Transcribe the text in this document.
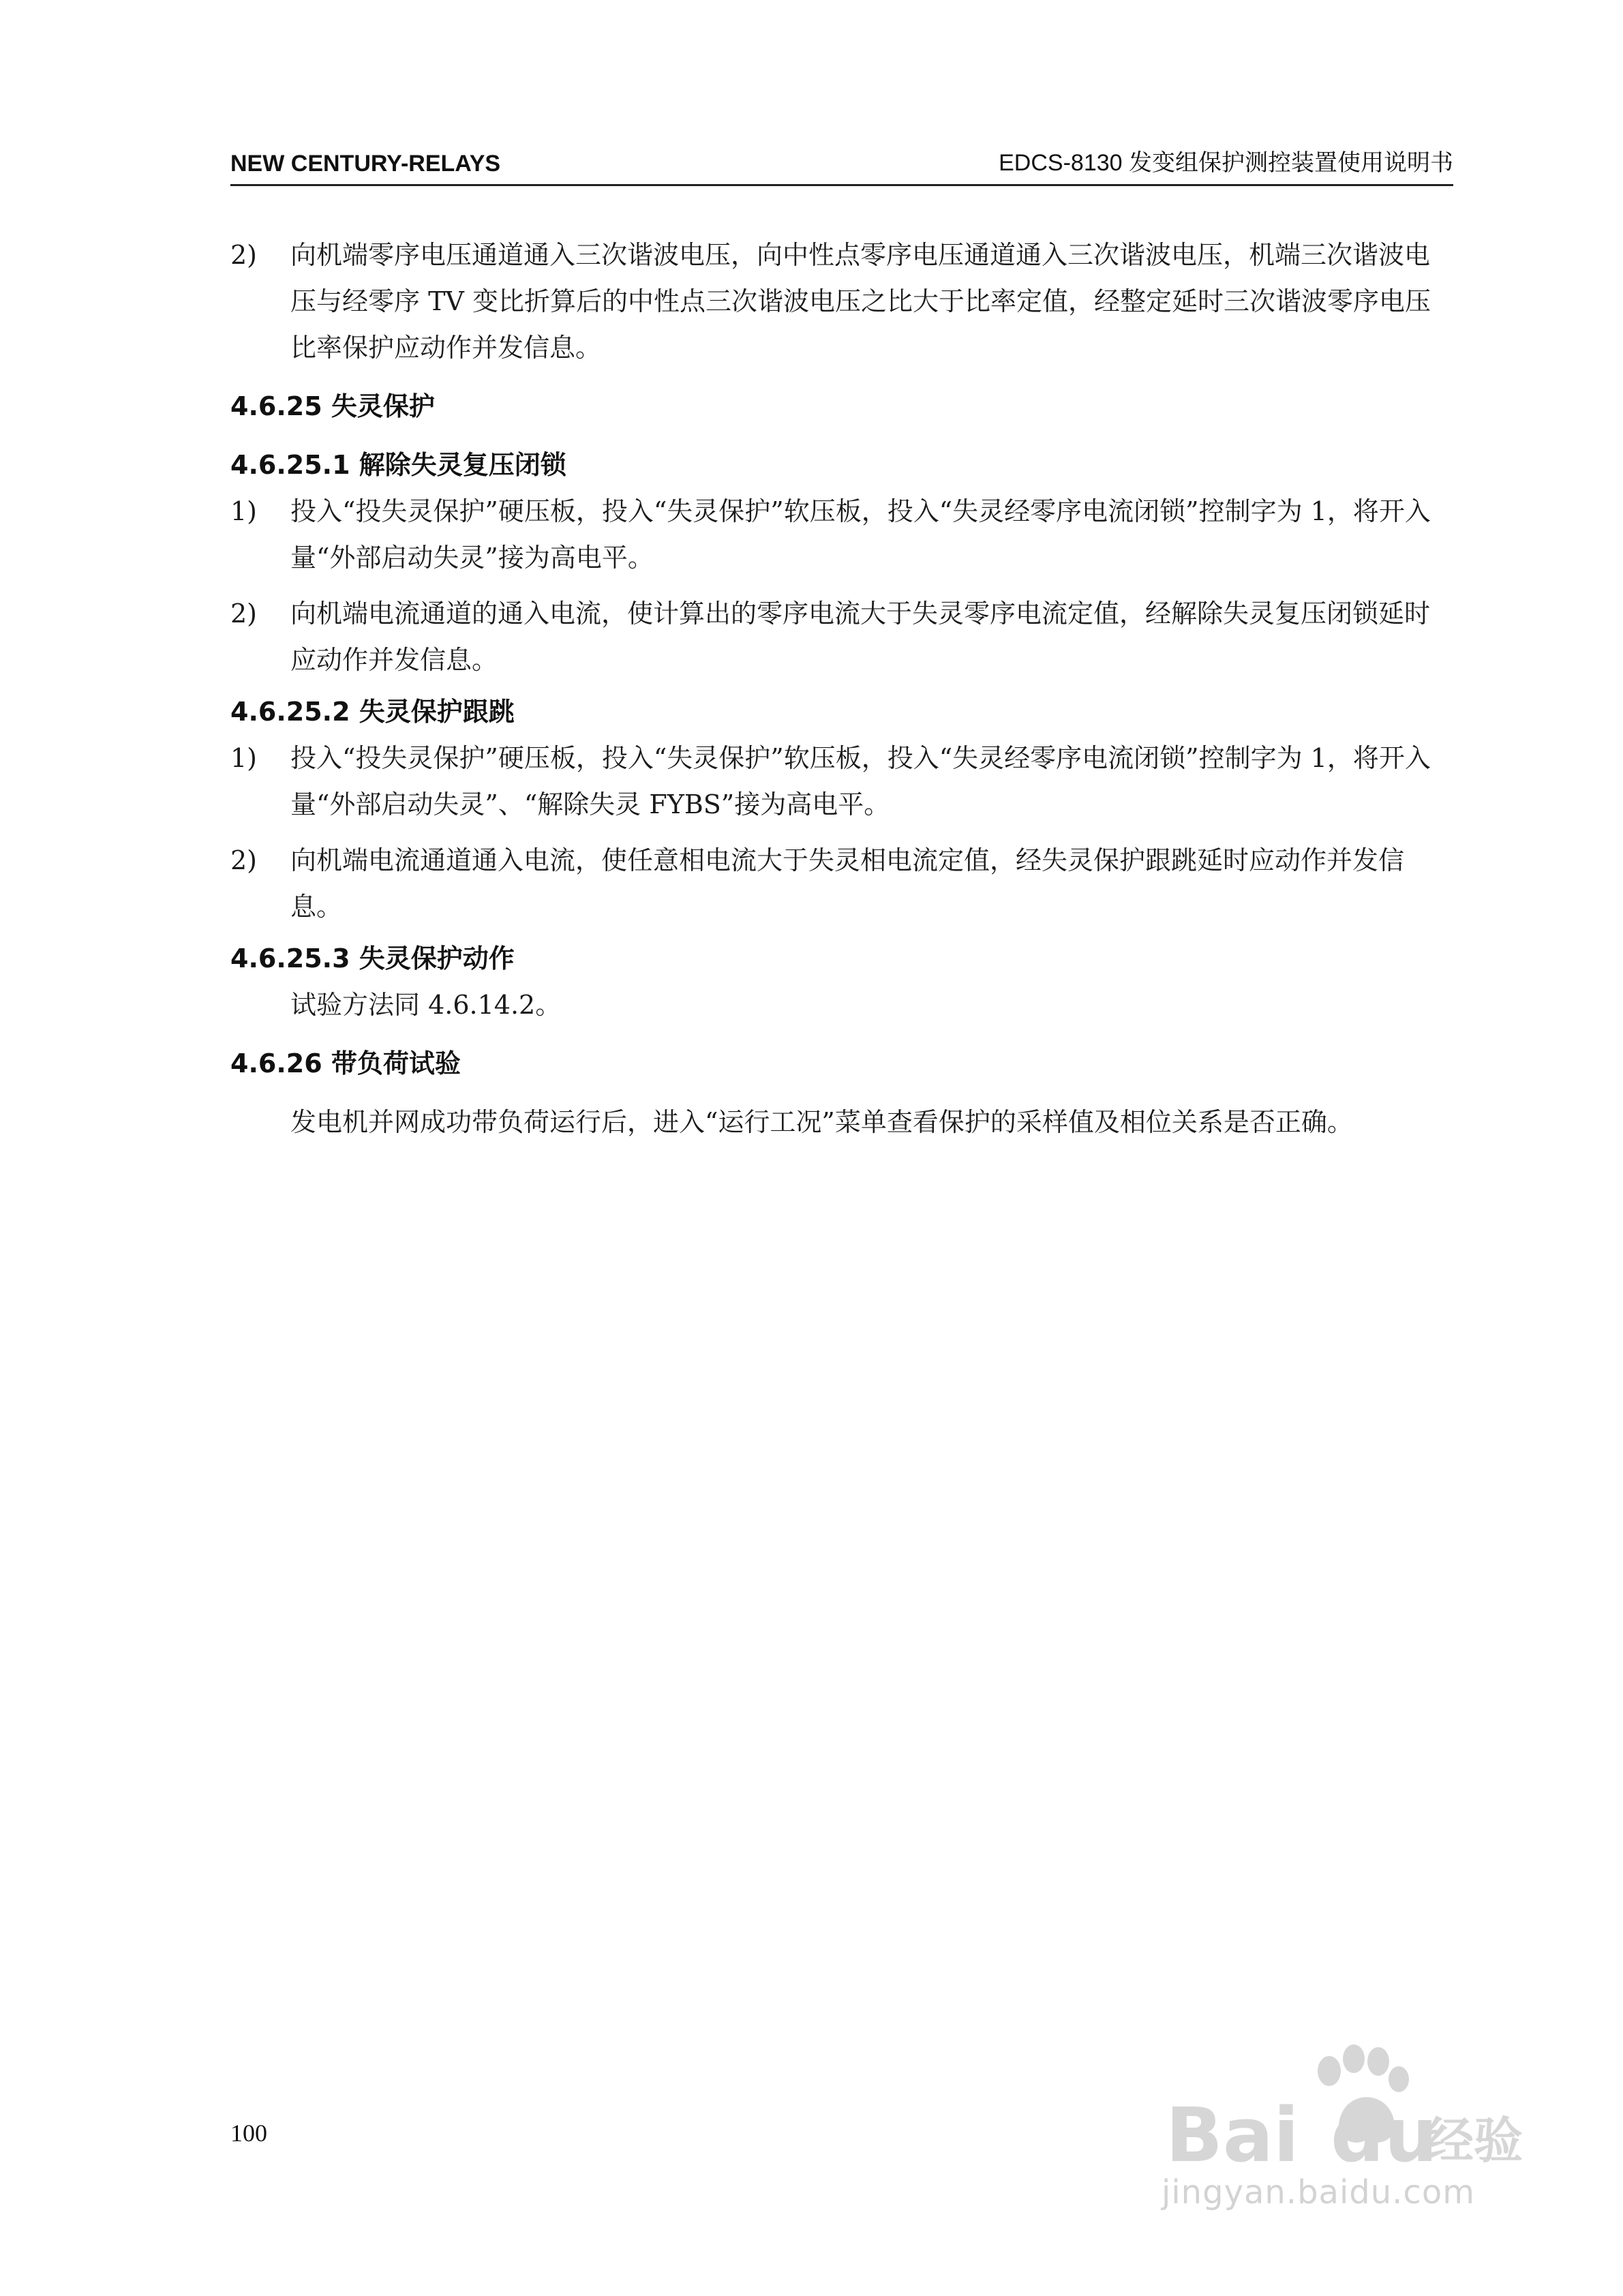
NEW CENTURY-RELAYS	EDCS-8130 发变组保护测控装置使用说明书
2) 向机端零序电压通道通入三次谐波电压，向中性点零序电压通道通入三次谐波电压，机端三次谐波电压与经零序 TV 变比折算后的中性点三次谐波电压之比大于比率定值，经整定延时三次谐波零序电压比率保护应动作并发信息。
4.6.25 失灵保护
4.6.25.1 解除失灵复压闭锁
1) 投入“投失灵保护”硬压板，投入“失灵保护”软压板，投入“失灵经零序电流闭锁”控制字为 1，将开入量“外部启动失灵”接为高电平。
2) 向机端电流通道的通入电流，使计算出的零序电流大于失灵零序电流定值，经解除失灵复压闭锁延时应动作并发信息。
4.6.25.2 失灵保护跟跳
1) 投入“投失灵保护”硬压板，投入“失灵保护”软压板，投入“失灵经零序电流闭锁”控制字为 1，将开入量“外部启动失灵”、“解除失灵 FYBS”接为高电平。
2) 向机端电流通道通入电流，使任意相电流大于失灵相电流定值，经失灵保护跟跳延时应动作并发信息。
4.6.25.3 失灵保护动作
试验方法同 4.6.14.2。
4.6.26 带负荷试验
发电机并网成功带负荷运行后，进入“运行工况”菜单查看保护的采样值及相位关系是否正确。
100	Bai du
经验
jingyan.baidu.com
